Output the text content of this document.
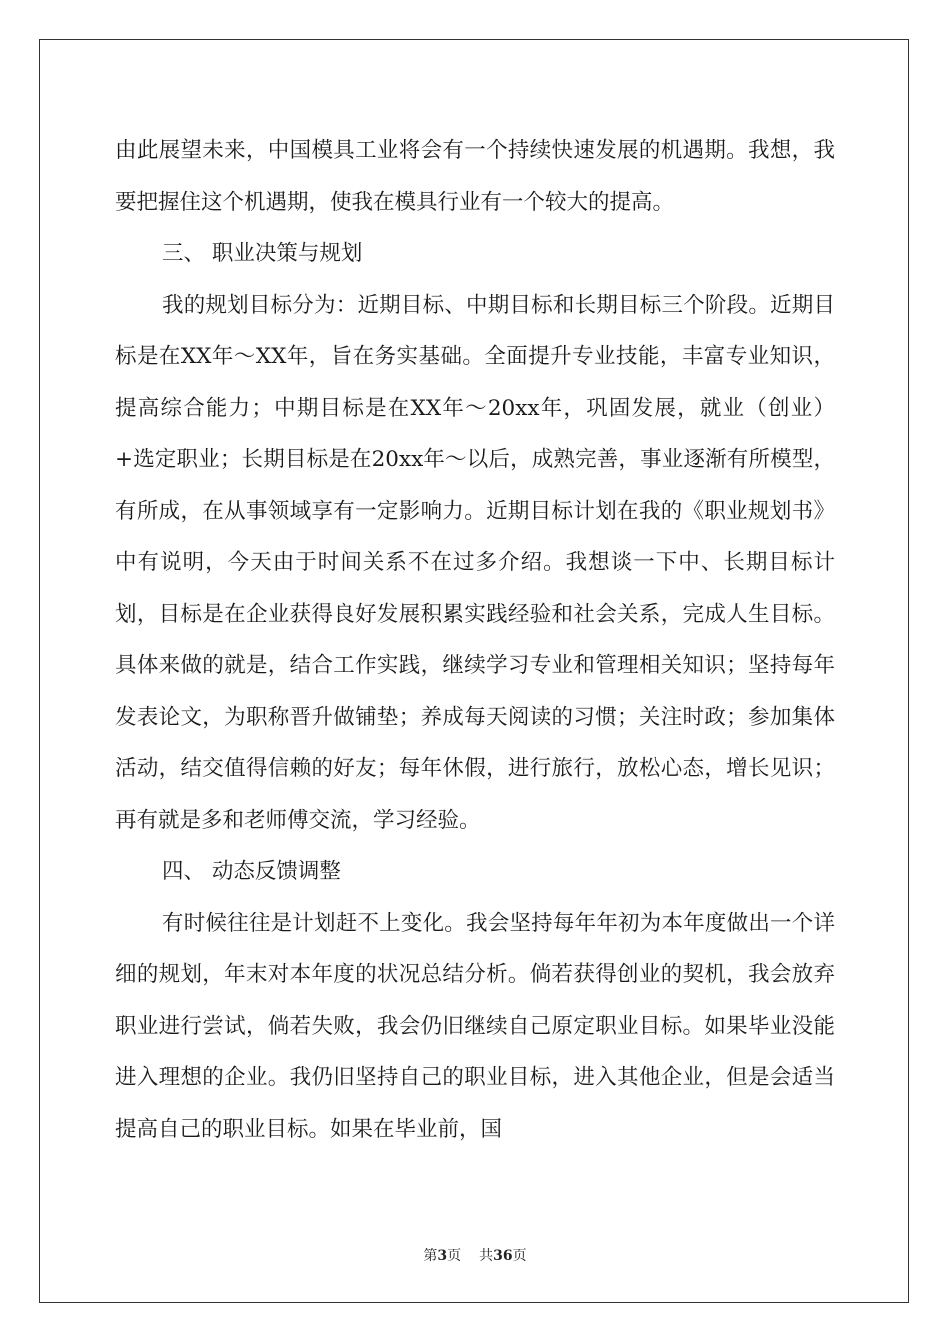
由此展望未来，中国模具工业将会有一个持续快速发展的机遇期。我想，我要把握住这个机遇期，使我在模具行业有一个较大的提高。

三、 职业决策与规划

我的规划目标分为：近期目标、中期目标和长期目标三个阶段。近期目标是在XX年～XX年，旨在务实基础。全面提升专业技能，丰富专业知识，提高综合能力；中期目标是在XX年～20xx年，巩固发展，就业（创业）+选定职业；长期目标是在20xx年～以后，成熟完善，事业逐渐有所模型，有所成，在从事领域享有一定影响力。近期目标计划在我的《职业规划书》中有说明，今天由于时间关系不在过多介绍。我想谈一下中、长期目标计划，目标是在企业获得良好发展积累实践经验和社会关系，完成人生目标。具体来做的就是，结合工作实践，继续学习专业和管理相关知识；坚持每年发表论文，为职称晋升做铺垫；养成每天阅读的习惯；关注时政；参加集体活动，结交值得信赖的好友；每年休假，进行旅行，放松心态，增长见识；再有就是多和老师傅交流，学习经验。

四、 动态反馈调整

有时候往往是计划赶不上变化。我会坚持每年年初为本年度做出一个详细的规划，年末对本年度的状况总结分析。倘若获得创业的契机，我会放弃职业进行尝试，倘若失败，我会仍旧继续自己原定职业目标。如果毕业没能进入理想的企业。我仍旧坚持自己的职业目标，进入其他企业，但是会适当提高自己的职业目标。如果在毕业前，国

第3页 共36页
